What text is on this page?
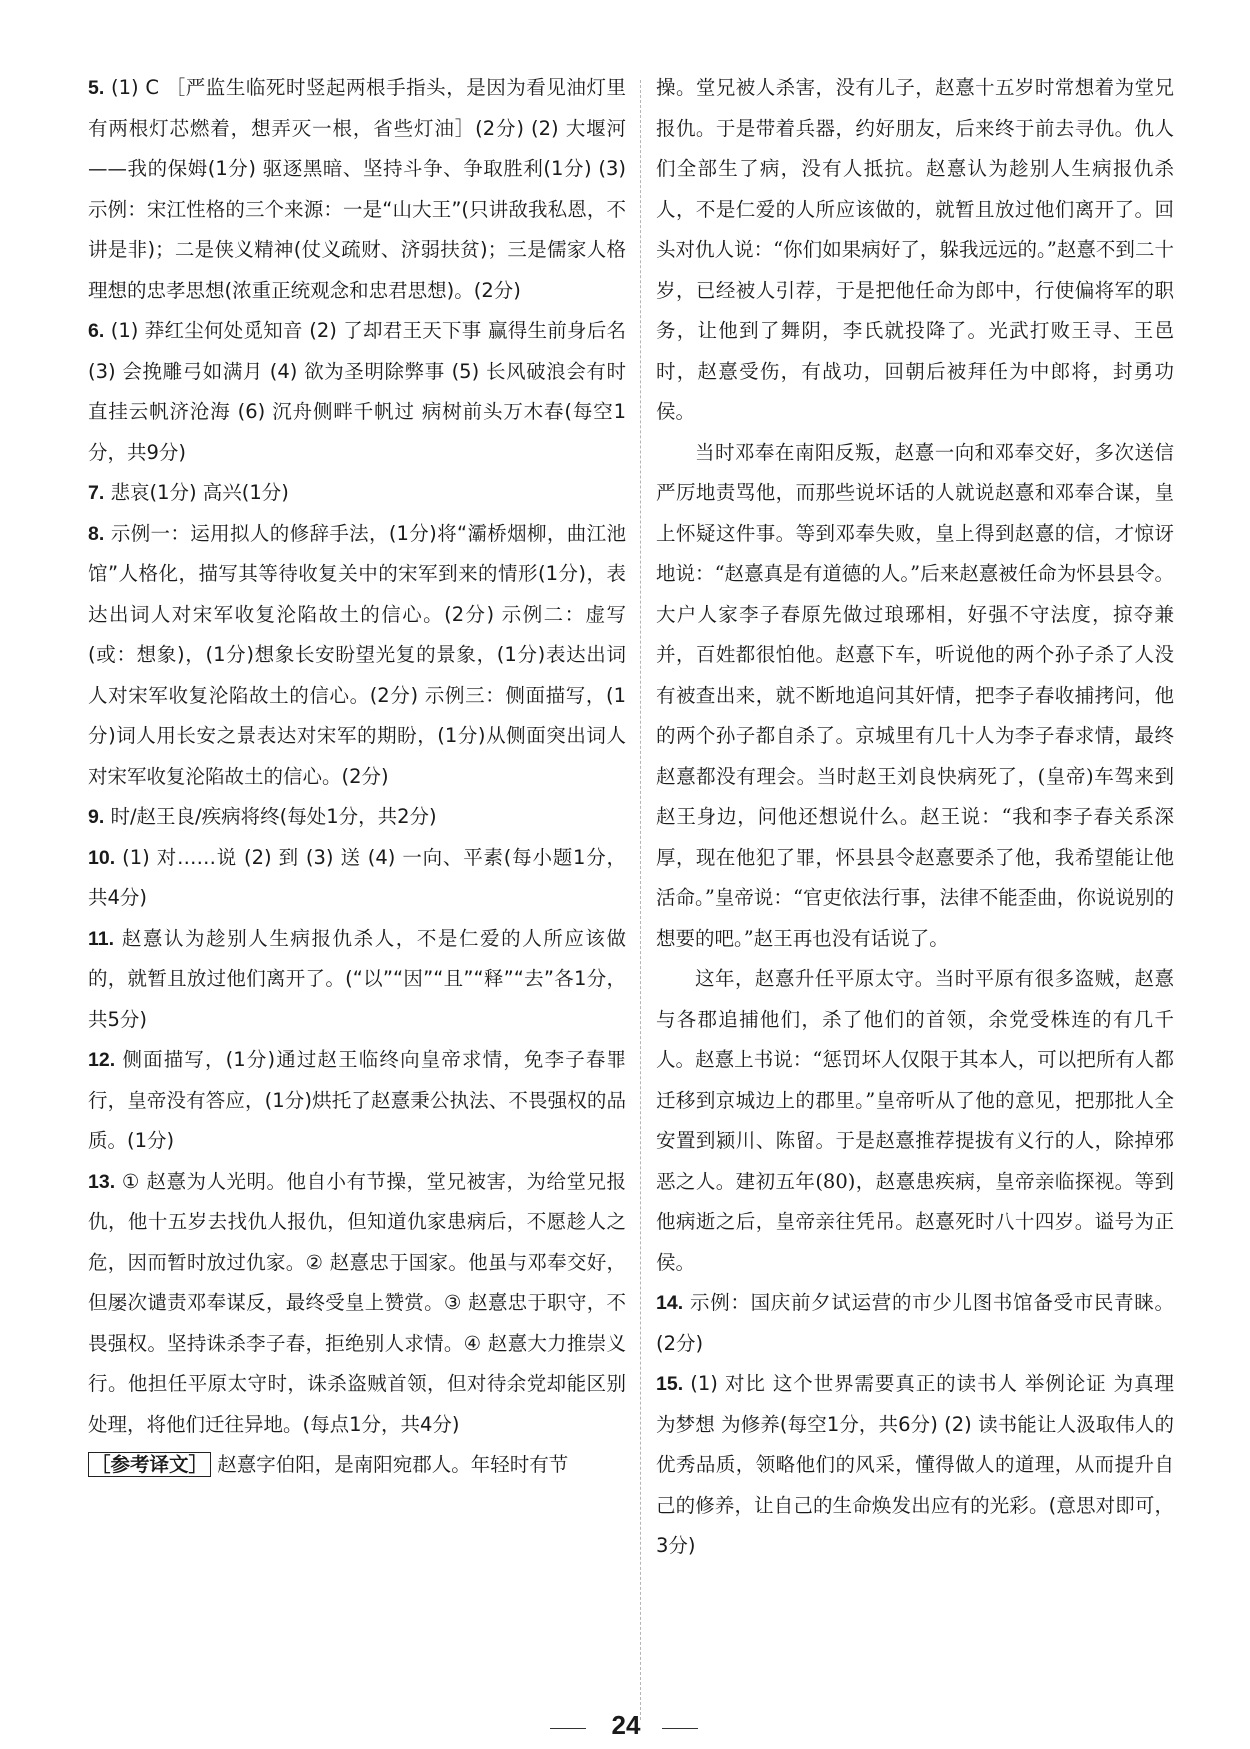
5. (1) C ［严监生临死时竖起两根手指头，是因为看见油灯里有两根灯芯燃着，想弄灭一根，省些灯油］(2分) (2) 大堰河——我的保姆(1分) 驱逐黑暗、坚持斗争、争取胜利(1分) (3) 示例：宋江性格的三个来源：一是“山大王”(只讲敌我私恩，不讲是非)；二是侠义精神(仗义疏财、济弱扶贫)；三是儒家人格理想的忠孝思想(浓重正统观念和忠君思想)。(2分)

6. (1) 莽红尘何处觅知音 (2) 了却君王天下事 赢得生前身后名 (3) 会挽雕弓如满月 (4) 欲为圣明除弊事 (5) 长风破浪会有时 直挂云帆济沧海 (6) 沉舟侧畔千帆过 病树前头万木春(每空1分，共9分)

7. 悲哀(1分) 高兴(1分)

8. 示例一：运用拟人的修辞手法，(1分)将“灞桥烟柳，曲江池馆”人格化，描写其等待收复关中的宋军到来的情形(1分)，表达出词人对宋军收复沦陷故土的信心。(2分) 示例二：虚写(或：想象)，(1分)想象长安盼望光复的景象，(1分)表达出词人对宋军收复沦陷故土的信心。(2分) 示例三：侧面描写，(1分)词人用长安之景表达对宋军的期盼，(1分)从侧面突出词人对宋军收复沦陷故土的信心。(2分)

9. 时/赵王良/疾病将终(每处1分，共2分)

10. (1) 对……说 (2) 到 (3) 送 (4) 一向、平素(每小题1分，共4分)

11. 赵憙认为趁别人生病报仇杀人，不是仁爱的人所应该做的，就暂且放过他们离开了。(“以”“因”“且”“释”“去”各1分，共5分)

12. 侧面描写，(1分)通过赵王临终向皇帝求情，免李子春罪行，皇帝没有答应，(1分)烘托了赵憙秉公执法、不畏强权的品质。(1分)

13. ① 赵憙为人光明。他自小有节操，堂兄被害，为给堂兄报仇，他十五岁去找仇人报仇，但知道仇家患病后，不愿趁人之危，因而暂时放过仇家。② 赵憙忠于国家。他虽与邓奉交好，但屡次谴责邓奉谋反，最终受皇上赞赏。③ 赵憙忠于职守，不畏强权。坚持诛杀李子春，拒绝别人求情。④ 赵憙大力推崇义行。他担任平原太守时，诛杀盗贼首领，但对待余党却能区别处理，将他们迁往异地。(每点1分，共4分)

［参考译文］ 赵憙字伯阳，是南阳宛郡人。年轻时有节

操。堂兄被人杀害，没有儿子，赵憙十五岁时常想着为堂兄报仇。于是带着兵器，约好朋友，后来终于前去寻仇。仇人们全部生了病，没有人抵抗。赵憙认为趁别人生病报仇杀人，不是仁爱的人所应该做的，就暂且放过他们离开了。回头对仇人说：“你们如果病好了，躲我远远的。”赵憙不到二十岁，已经被人引荐，于是把他任命为郎中，行使偏将军的职务，让他到了舞阴，李氏就投降了。光武打败王寻、王邑时，赵憙受伤，有战功，回朝后被拜任为中郎将，封勇功侯。

当时邓奉在南阳反叛，赵憙一向和邓奉交好，多次送信严厉地责骂他，而那些说坏话的人就说赵憙和邓奉合谋，皇上怀疑这件事。等到邓奉失败，皇上得到赵憙的信，才惊讶地说：“赵憙真是有道德的人。”后来赵憙被任命为怀县县令。大户人家李子春原先做过琅琊相，好强不守法度，掠夺兼并，百姓都很怕他。赵憙下车，听说他的两个孙子杀了人没有被查出来，就不断地追问其奸情，把李子春收捕拷问，他的两个孙子都自杀了。京城里有几十人为李子春求情，最终赵憙都没有理会。当时赵王刘良快病死了，(皇帝)车驾来到赵王身边，问他还想说什么。赵王说：“我和李子春关系深厚，现在他犯了罪，怀县县令赵憙要杀了他，我希望能让他活命。”皇帝说：“官吏依法行事，法律不能歪曲，你说说别的想要的吧。”赵王再也没有话说了。

这年，赵憙升任平原太守。当时平原有很多盗贼，赵憙与各郡追捕他们，杀了他们的首领，余党受株连的有几千人。赵憙上书说：“惩罚坏人仅限于其本人，可以把所有人都迁移到京城边上的郡里。”皇帝听从了他的意见，把那批人全安置到颍川、陈留。于是赵憙推荐提拔有义行的人，除掉邪恶之人。建初五年(80)，赵憙患疾病，皇帝亲临探视。等到他病逝之后，皇帝亲往凭吊。赵憙死时八十四岁。谥号为正侯。

14. 示例：国庆前夕试运营的市少儿图书馆备受市民青睐。(2分)

15. (1) 对比 这个世界需要真正的读书人 举例论证 为真理 为梦想 为修养(每空1分，共6分) (2) 读书能让人汲取伟人的优秀品质，领略他们的风采，懂得做人的道理，从而提升自己的修养，让自己的生命焕发出应有的光彩。(意思对即可，3分)

24
